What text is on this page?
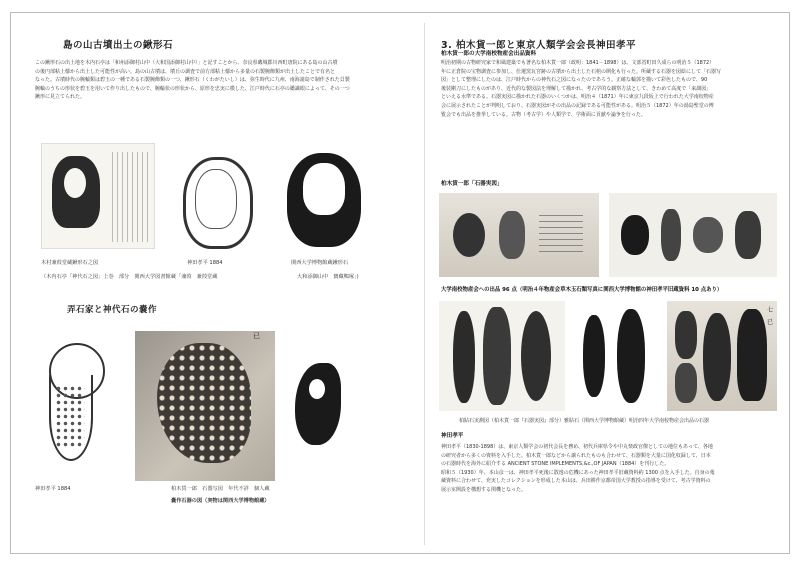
島の山古墳出土の鍬形石
この鍬形石の出土地を木内石亭は「和州添御村山中（大和国添御村山中）」と記すことから、奈良県磯城郡川西町唐院にある島の山古墳
の後円部粘土槨から出土した可能性が高い。島の山古墳は、墳丘の調査で前方部粘土槨から多量の石製腕飾類が出土したことで有名と
なった。古墳時代の腕輪類は碧玉の一種である石製腕飾類の一つ、鍬形石（くわがたいし）は、弥生時代に九州、南海諸島で制作された貝製
腕輪のうちの形状を碧玉を用いて作り出したもので、腕輪状の形状から、原形を忠実に模した、江戸時代に石亭の鑑識眼によって、その一つ
鍬形に見立てられた。
木村兼葭堂蔵鍬形石之図
（木内石亭「神代石之図」上巻　部分　関西大学図書館蔵「兼葭　兼葭堂蔵
神田孝平 1884	関西大学博物館蔵鍬形石
大和添御山中　寶藏鴨塚」)
弄石家と神代石の嚢作
已
神田孝平 1884	柏木貨一郎　石器写図　年代不詳　個人蔵
嚢作石器の図（実物は関西大学博物館蔵）
3. 柏木貨一郎と東京人類学会会長神田孝平
柏木貨一郎の大学南校物産会出品資料
明治初期の古物研究家で和風建築でも著名な柏木貨一郎（政明：1841－1898）は、文部省町田久成らの明治５（1872）
年に正倉院の宝物調査に参加し、仕遷窯瓦宮跡の古墳から出土した石棺の開化も行った。所蔵する石器を図絵にして「石器写
図」として整理にしたのは、江戸時代からの神代石之図になったのであろう。正確な輪郭を描いて彩色したもので、90
後装剛刀にしたものがあり、近代的な製図法を理解して描かれ、考古学的な観察方法として、きわめて高度で「来調図」
といえる水準である。石器実図に描かれた石器のいくつかは、明治４（1871）年に東京九段坂上で行われた大学南校物産
会に展示されたことが判明しており、石器実図がその出品の記録である可能性がある。明治５（1872）年の湯島聖堂の博
覧会でも出品を推挙している。古物（考古学）や人類学で、学術面に貢献や論争を行った。
柏木貨一郎「石器実図」
大学南校物産会への出品 96 点（明治４年物産会草木玉石類写真に関西大学博物館の神田孝平旧蔵資料 10 点あり）
七
已
柏貼石実測図（柏木貨一郎『石器実図』部分）雅貼石（関西大学博物館蔵）明治四年大学南校物産会出品の石器
神田孝平
神田孝平（1830-1898）は、東京人類学会の初代会長を務め、初代兵庫県令や中丸楽政官僚としての地位もあって、各地
の研究者から多くの資料を入手した。柏木貨一郎などから譲られたものも合わせて、石器類を大量に国化収録して、日本
の石器時代を海外に紹介する ANCIENT STONE IMPLEMENTS,&c.,OF JAPAN（1884）を刊行した。
昭和５（1930）年、本山彦一は、神田孝平死後に散逸の危機にあった神田孝平旧蔵資料約 1300 点を入手した。自身の蒐
蔵資料に合わせて、充実したコレクションを形成した本山は、兵田耕作京都帝国大学教授の指導を受けて、考古学資料の
展示室開設を構想する関機となった。
